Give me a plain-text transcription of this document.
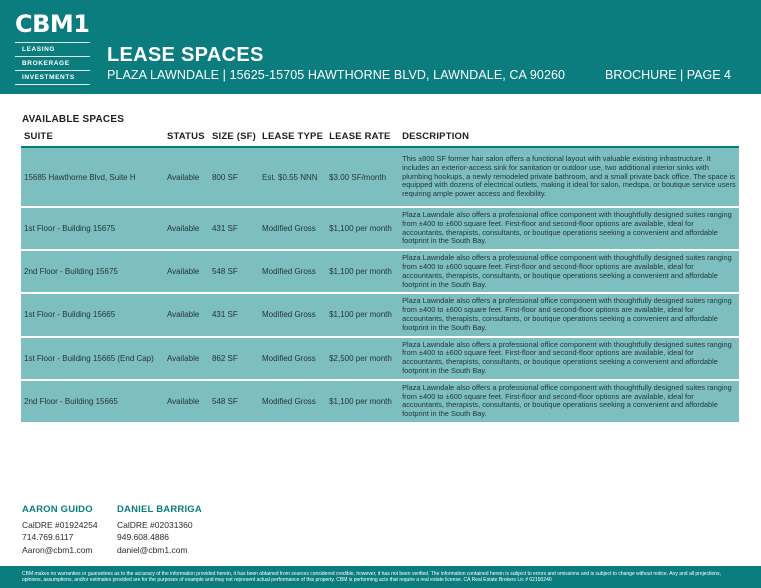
CBM1
LEASING
BROKERAGE
INVESTMENTS
LEASE SPACES
PLAZA LAWNDALE | 15625-15705 HAWTHORNE BLVD, LAWNDALE, CA 90260	BROCHURE | PAGE 4
AVAILABLE SPACES
SUITE	STATUS	SIZE (SF)	LEASE TYPE	LEASE RATE	DESCRIPTION
15685 Hawthorne Blvd, Suite H	Available	800 SF	Est. $0.55 NNN	$3.00 SF/month	This ±800 SF former hair salon offers a functional layout with valuable existing infrastructure. It includes an exterior-access sink for sanitation or outdoor use, two additional interior sinks with plumbing hookups, a newly remodeled private bathroom, and a small private back office. The space is equipped with dozens of electrical outlets, making it ideal for salon, medspa, or boutique service users requiring ample power access and flexibility.
1st Floor - Building 15675	Available	431 SF	Modified Gross	$1,100 per month	Plaza Lawndale also offers a professional office component with thoughtfully designed suites ranging from ±400 to ±600 square feet. First-floor and second-floor options are available, ideal for accountants, therapists, consultants, or boutique operations seeking a convenient and affordable footprint in the South Bay.
2nd Floor - Building 15675	Available	548 SF	Modified Gross	$1,100 per month	Plaza Lawndale also offers a professional office component with thoughtfully designed suites ranging from ±400 to ±600 square feet. First-floor and second-floor options are available, ideal for accountants, therapists, consultants, or boutique operations seeking a convenient and affordable footprint in the South Bay.
1st Floor - Building 15665	Available	431 SF	Modified Gross	$1,100 per month	Plaza Lawndale also offers a professional office component with thoughtfully designed suites ranging from ±400 to ±600 square feet. First-floor and second-floor options are available, ideal for accountants, therapists, consultants, or boutique operations seeking a convenient and affordable footprint in the South Bay.
1st Floor - Building 15665 (End Cap)	Available	862 SF	Modified Gross	$2,500 per month	Plaza Lawndale also offers a professional office component with thoughtfully designed suites ranging from ±400 to ±600 square feet. First-floor and second-floor options are available, ideal for accountants, therapists, consultants, or boutique operations seeking a convenient and affordable footprint in the South Bay.
2nd Floor - Building 15665	Available	548 SF	Modified Gross	$1,100 per month	Plaza Lawndale also offers a professional office component with thoughtfully designed suites ranging from ±400 to ±600 square feet. First-floor and second-floor options are available, ideal for accountants, therapists, consultants, or boutique operations seeking a convenient and affordable footprint in the South Bay.
AARON GUIDO
CalDRE #01924254
714.769.6117
Aaron@cbm1.com
DANIEL BARRIGA
CalDRE #02031360
949.608.4886
daniel@cbm1.com
CBM makes no warranties or guarantees as to the accuracy of the information provided herein, it has been obtained from sources considered credible, however, it has not been verified. The information contained herein is subject to errors and omissions and is subject to change without notice. Any and all projections, opinions, assumptions, and/or estimates provided are for the purposes of example and may not represent actual performance of this property. CBM is performing acts that require a real estate license. CA Real Estate Brokers Lic # 02150240
